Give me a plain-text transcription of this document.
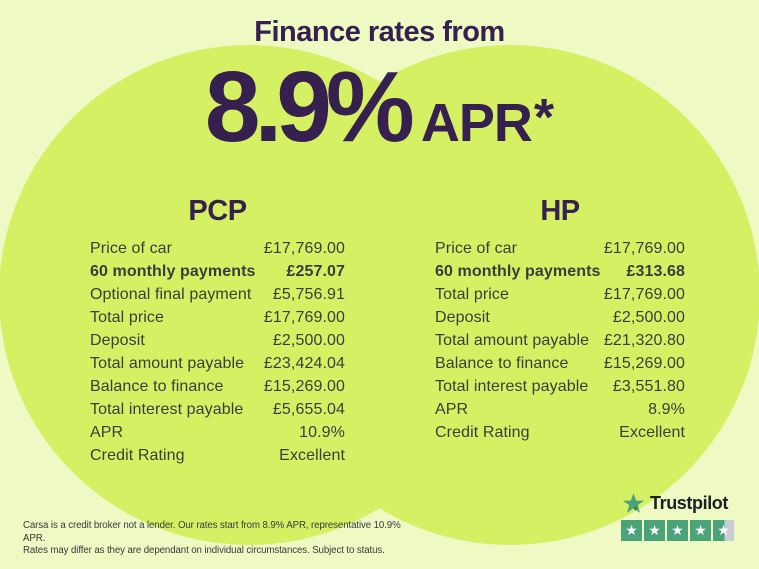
Finance rates from
8.9% APR *
PCP
Price of car	£17,769.00
60 monthly payments £257.07
Optional final payment £5,756.91
Total price	£17,769.00
Deposit	£2,500.00
Total amount payable £23,424.04
Balance to finance	£15,269.00
Total interest payable £5,655.04
APR	10.9%
Credit Rating	Excellent
HP
Price of car	£17,769.00
60 monthly payments £313.68
Total price	£17,769.00
Deposit	£2,500.00
Total amount payable £21,320.80
Balance to finance £15,269.00
Total interest payable £3,551.80
APR	8.9%
Credit Rating	Excellent
Carsa is a credit broker not a lender. Our rates start from 8.9% APR, representative 10.9% APR.
Rates may differ as they are dependant on individual circumstances. Subject to status.
Trustpilot
★ ★ ★ ★ ★
